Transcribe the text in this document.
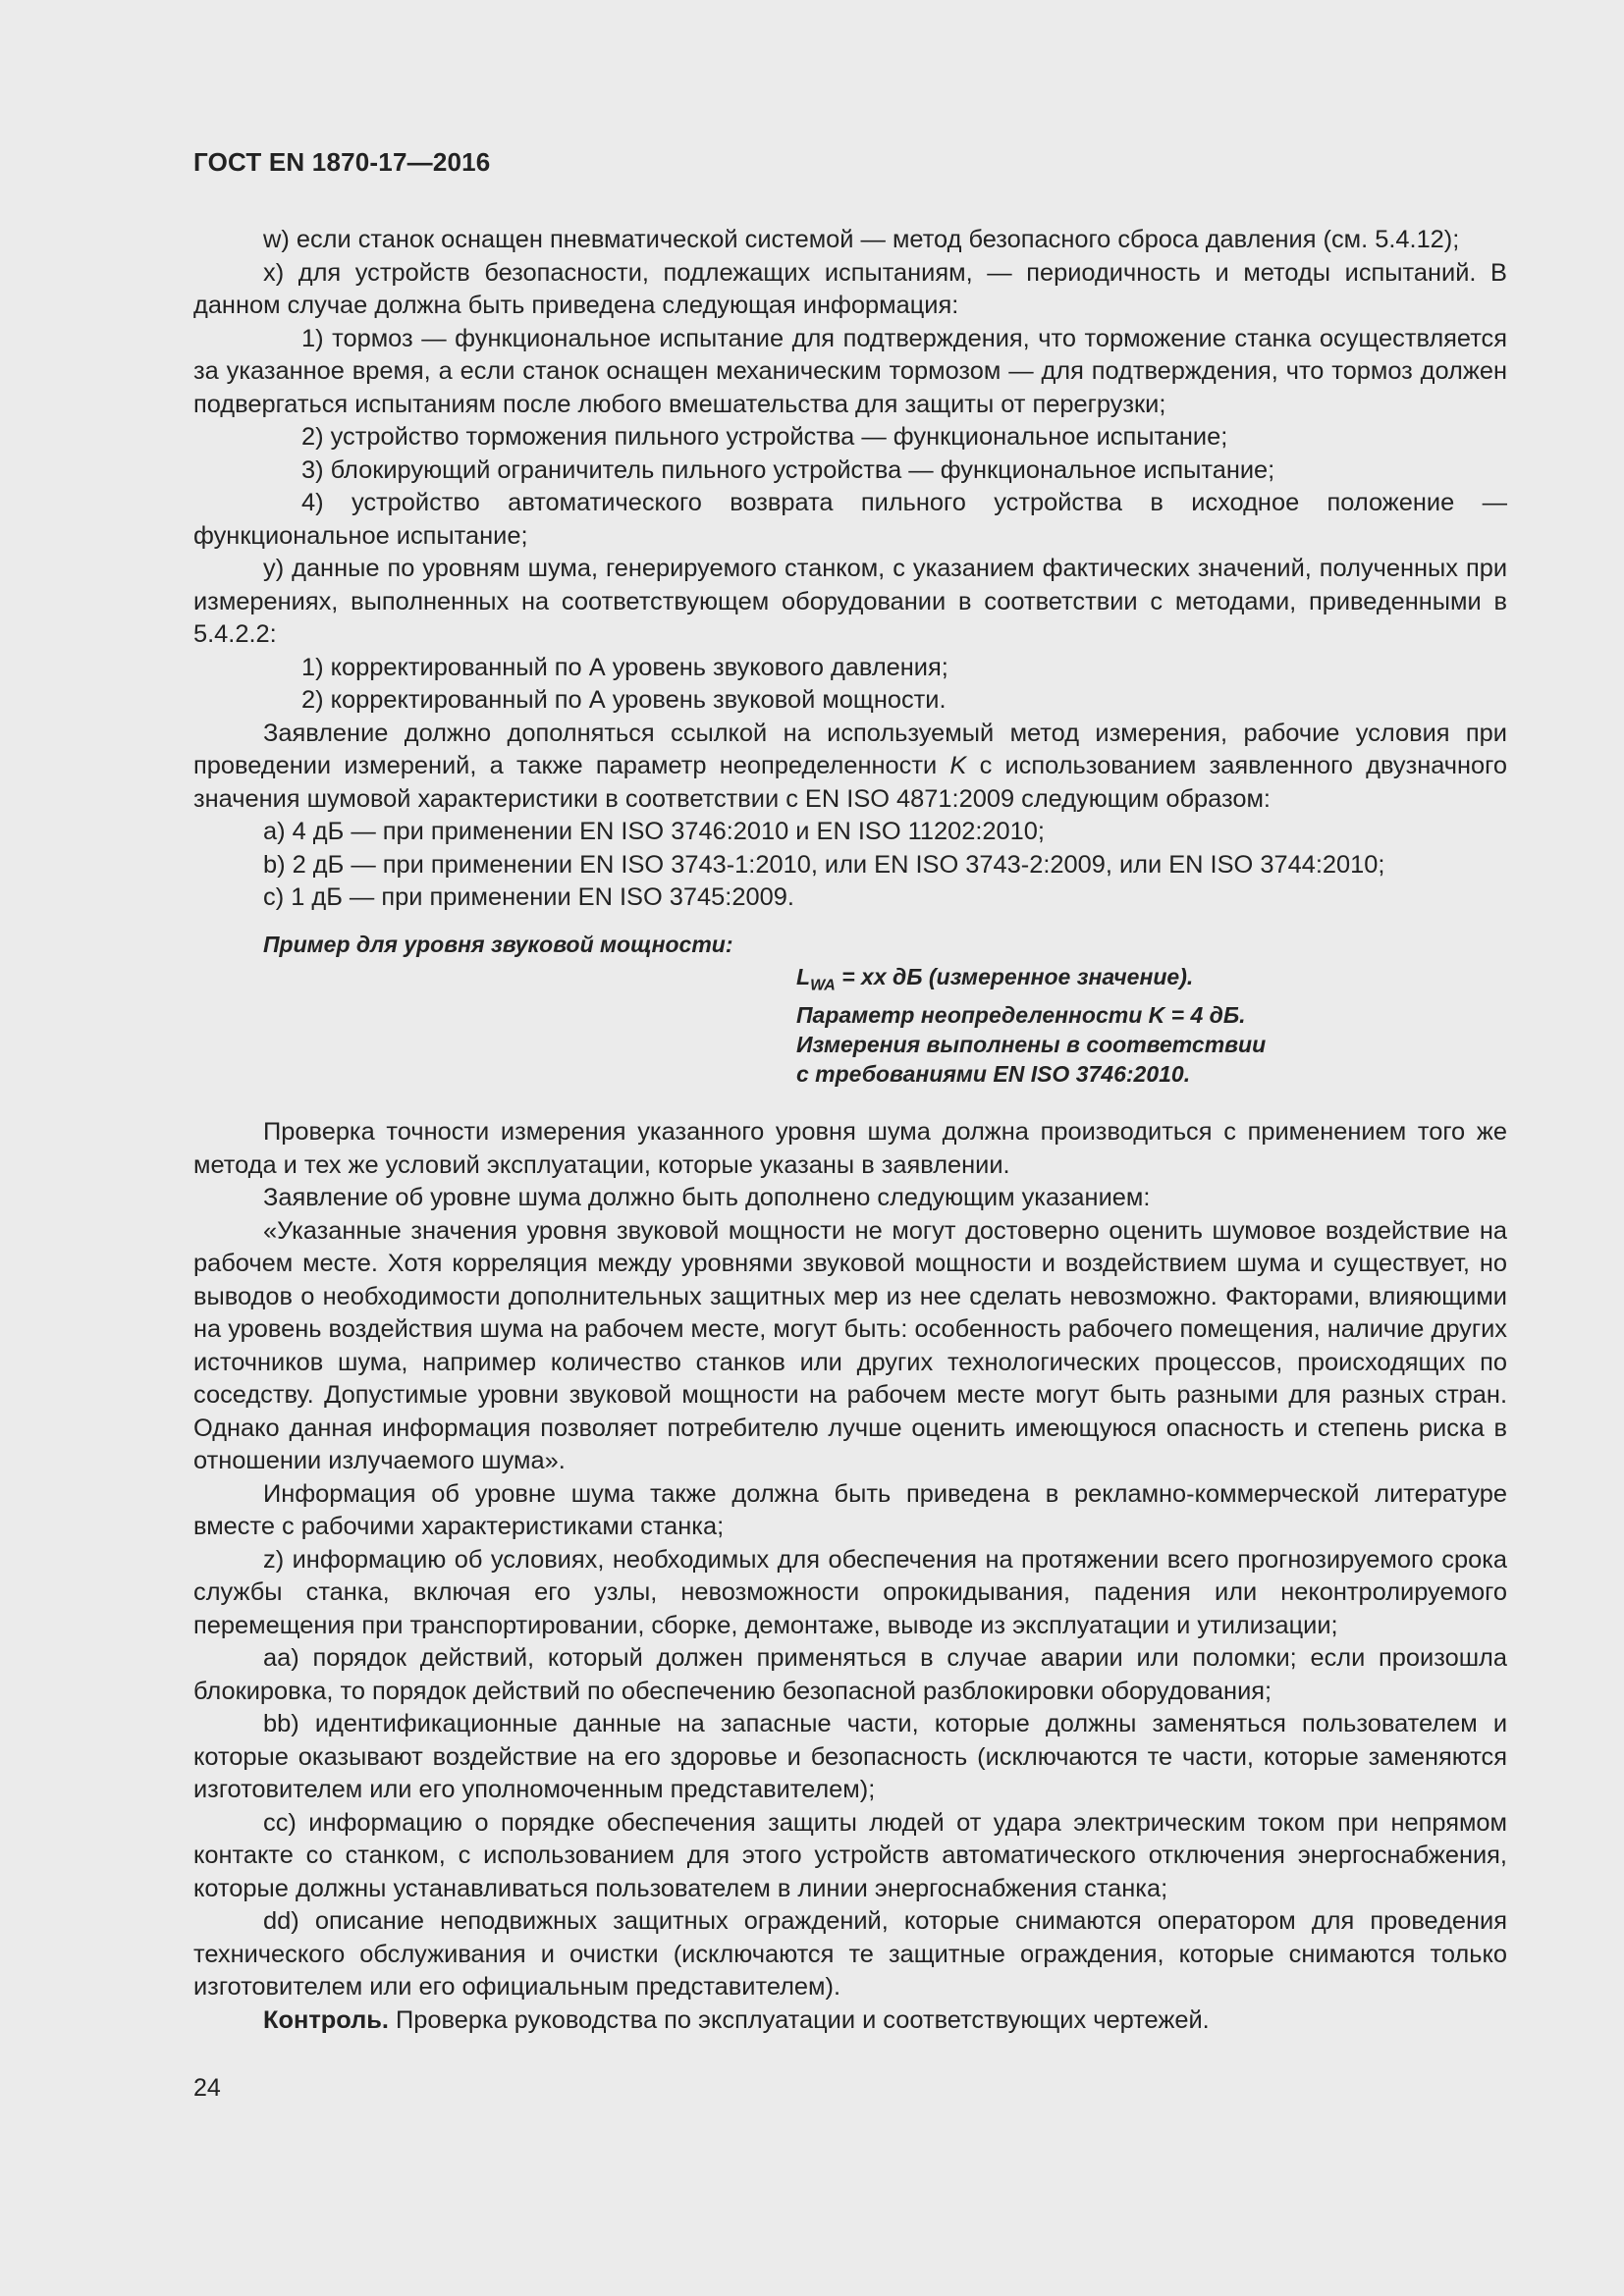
ГОСТ EN 1870-17—2016

w) если станок оснащен пневматической системой — метод безопасного сброса давления (см. 5.4.12);

x) для устройств безопасности, подлежащих испытаниям, — периодичность и методы испытаний. В данном случае должна быть приведена следующая информация:

1) тормоз — функциональное испытание для подтверждения, что торможение станка осуществляется за указанное время, а если станок оснащен механическим тормозом — для подтверждения, что тормоз должен подвергаться испытаниям после любого вмешательства для защиты от перегрузки;

2) устройство торможения пильного устройства — функциональное испытание;

3) блокирующий ограничитель пильного устройства — функциональное испытание;

4) устройство автоматического возврата пильного устройства в исходное положение — функциональное испытание;

y) данные по уровням шума, генерируемого станком, с указанием фактических значений, полученных при измерениях, выполненных на соответствующем оборудовании в соответствии с методами, приведенными в 5.4.2.2:

1) корректированный по А уровень звукового давления;

2) корректированный по А уровень звуковой мощности.

Заявление должно дополняться ссылкой на используемый метод измерения, рабочие условия при проведении измерений, а также параметр неопределенности K с использованием заявленного двузначного значения шумовой характеристики в соответствии с EN ISO 4871:2009 следующим образом:

a) 4 дБ — при применении EN ISO 3746:2010 и EN ISO 11202:2010;

b) 2 дБ — при применении EN ISO 3743-1:2010, или EN ISO 3743-2:2009, или EN ISO 3744:2010;

c) 1 дБ — при применении EN ISO 3745:2009.

Пример для уровня звуковой мощности:

$L_{WA}$ = xx дБ (измеренное значение).
Параметр неопределенности K = 4 дБ.
Измерения выполнены в соответствии
с требованиями EN ISO 3746:2010.

Проверка точности измерения указанного уровня шума должна производиться с применением того же метода и тех же условий эксплуатации, которые указаны в заявлении.

Заявление об уровне шума должно быть дополнено следующим указанием:

«Указанные значения уровня звуковой мощности не могут достоверно оценить шумовое воздействие на рабочем месте. Хотя корреляция между уровнями звуковой мощности и воздействием шума и существует, но выводов о необходимости дополнительных защитных мер из нее сделать невозможно. Факторами, влияющими на уровень воздействия шума на рабочем месте, могут быть: особенность рабочего помещения, наличие других источников шума, например количество станков или других технологических процессов, происходящих по соседству. Допустимые уровни звуковой мощности на рабочем месте могут быть разными для разных стран. Однако данная информация позволяет потребителю лучше оценить имеющуюся опасность и степень риска в отношении излучаемого шума».

Информация об уровне шума также должна быть приведена в рекламно-коммерческой литературе вместе с рабочими характеристиками станка;

z) информацию об условиях, необходимых для обеспечения на протяжении всего прогнозируемого срока службы станка, включая его узлы, невозможности опрокидывания, падения или неконтролируемого перемещения при транспортировании, сборке, демонтаже, выводе из эксплуатации и утилизации;

aa) порядок действий, который должен применяться в случае аварии или поломки; если произошла блокировка, то порядок действий по обеспечению безопасной разблокировки оборудования;

bb) идентификационные данные на запасные части, которые должны заменяться пользователем и которые оказывают воздействие на его здоровье и безопасность (исключаются те части, которые заменяются изготовителем или его уполномоченным представителем);

cc) информацию о порядке обеспечения защиты людей от удара электрическим током при непрямом контакте со станком, с использованием для этого устройств автоматического отключения энергоснабжения, которые должны устанавливаться пользователем в линии энергоснабжения станка;

dd) описание неподвижных защитных ограждений, которые снимаются оператором для проведения технического обслуживания и очистки (исключаются те защитные ограждения, которые снимаются только изготовителем или его официальным представителем).

Контроль. Проверка руководства по эксплуатации и соответствующих чертежей.

24
